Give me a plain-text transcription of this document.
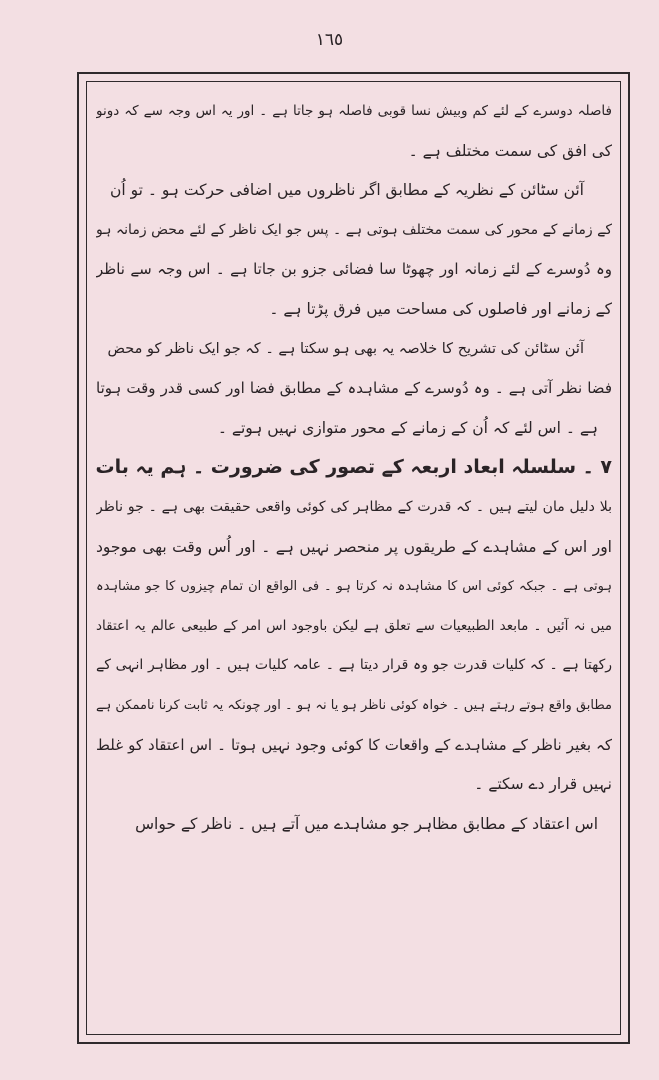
١٦٥
فاصلہ دوسرے کے لئے کم وبیش نسا قوبی فاصلہ ہو جاتا ہے ۔ اور یہ اس وجہ سے کہ دونو
کی افق کی سمت مختلف ہے ۔
آئن سٹائن کے نظریہ کے مطابق اگر ناظروں میں اضافی حرکت ہو ۔ تو اُن
کے زمانے کے محور کی سمت مختلف ہوتی ہے ۔ پس جو ایک ناظر کے لئے محض زمانہ ہو
وہ دُوسرے کے لئے زمانہ اور چھوٹا سا فضائی جزو بن جاتا ہے ۔ اس وجہ سے ناظر
کے زمانے اور فاصلوں کی مساحت میں فرق پڑتا ہے ۔
آئن سٹائن کی تشریح کا خلاصہ یہ بھی ہو سکتا ہے ۔ کہ جو ایک ناظر کو محض
فضا نظر آتی ہے ۔ وہ دُوسرے کے مشاہدہ کے مطابق فضا اور کسی قدر وقت ہوتا
ہے ۔ اس لئے کہ اُن کے زمانے کے محور متوازی نہیں ہوتے ۔
۷ ۔ سلسلہ ابعاد اربعہ کے تصور کی ضرورت ۔ ہم یہ بات
بلا دلیل مان لیتے ہیں ۔ کہ قدرت کے مظاہر کی کوئی واقعی حقیقت بھی ہے ۔ جو ناظر
اور اس کے مشاہدے کے طریقوں پر منحصر نہیں ہے ۔ اور اُس وقت بھی موجود
ہوتی ہے ۔ جبکہ کوئی اس کا مشاہدہ نہ کرتا ہو ۔ فی الواقع ان تمام چیزوں کا جو مشاہدہ
میں نہ آئیں ۔ مابعد الطبیعیات سے تعلق ہے لیکن باوجود اس امر کے طبیعی عالم یہ اعتقاد
رکھتا ہے ۔ کہ کلیات قدرت جو وہ قرار دیتا ہے ۔ عامہ کلیات ہیں ۔ اور مظاہر انہی کے
مطابق واقع ہوتے رہتے ہیں ۔ خواہ کوئی ناظر ہو یا نہ ہو ۔ اور چونکہ یہ ثابت کرنا ناممکن ہے
کہ بغیر ناظر کے مشاہدے کے واقعات کا کوئی وجود نہیں ہوتا ۔ اس اعتقاد کو غلط
نہیں قرار دے سکتے ۔
اس اعتقاد کے مطابق مظاہر جو مشاہدے میں آتے ہیں ۔ ناظر کے حواس
